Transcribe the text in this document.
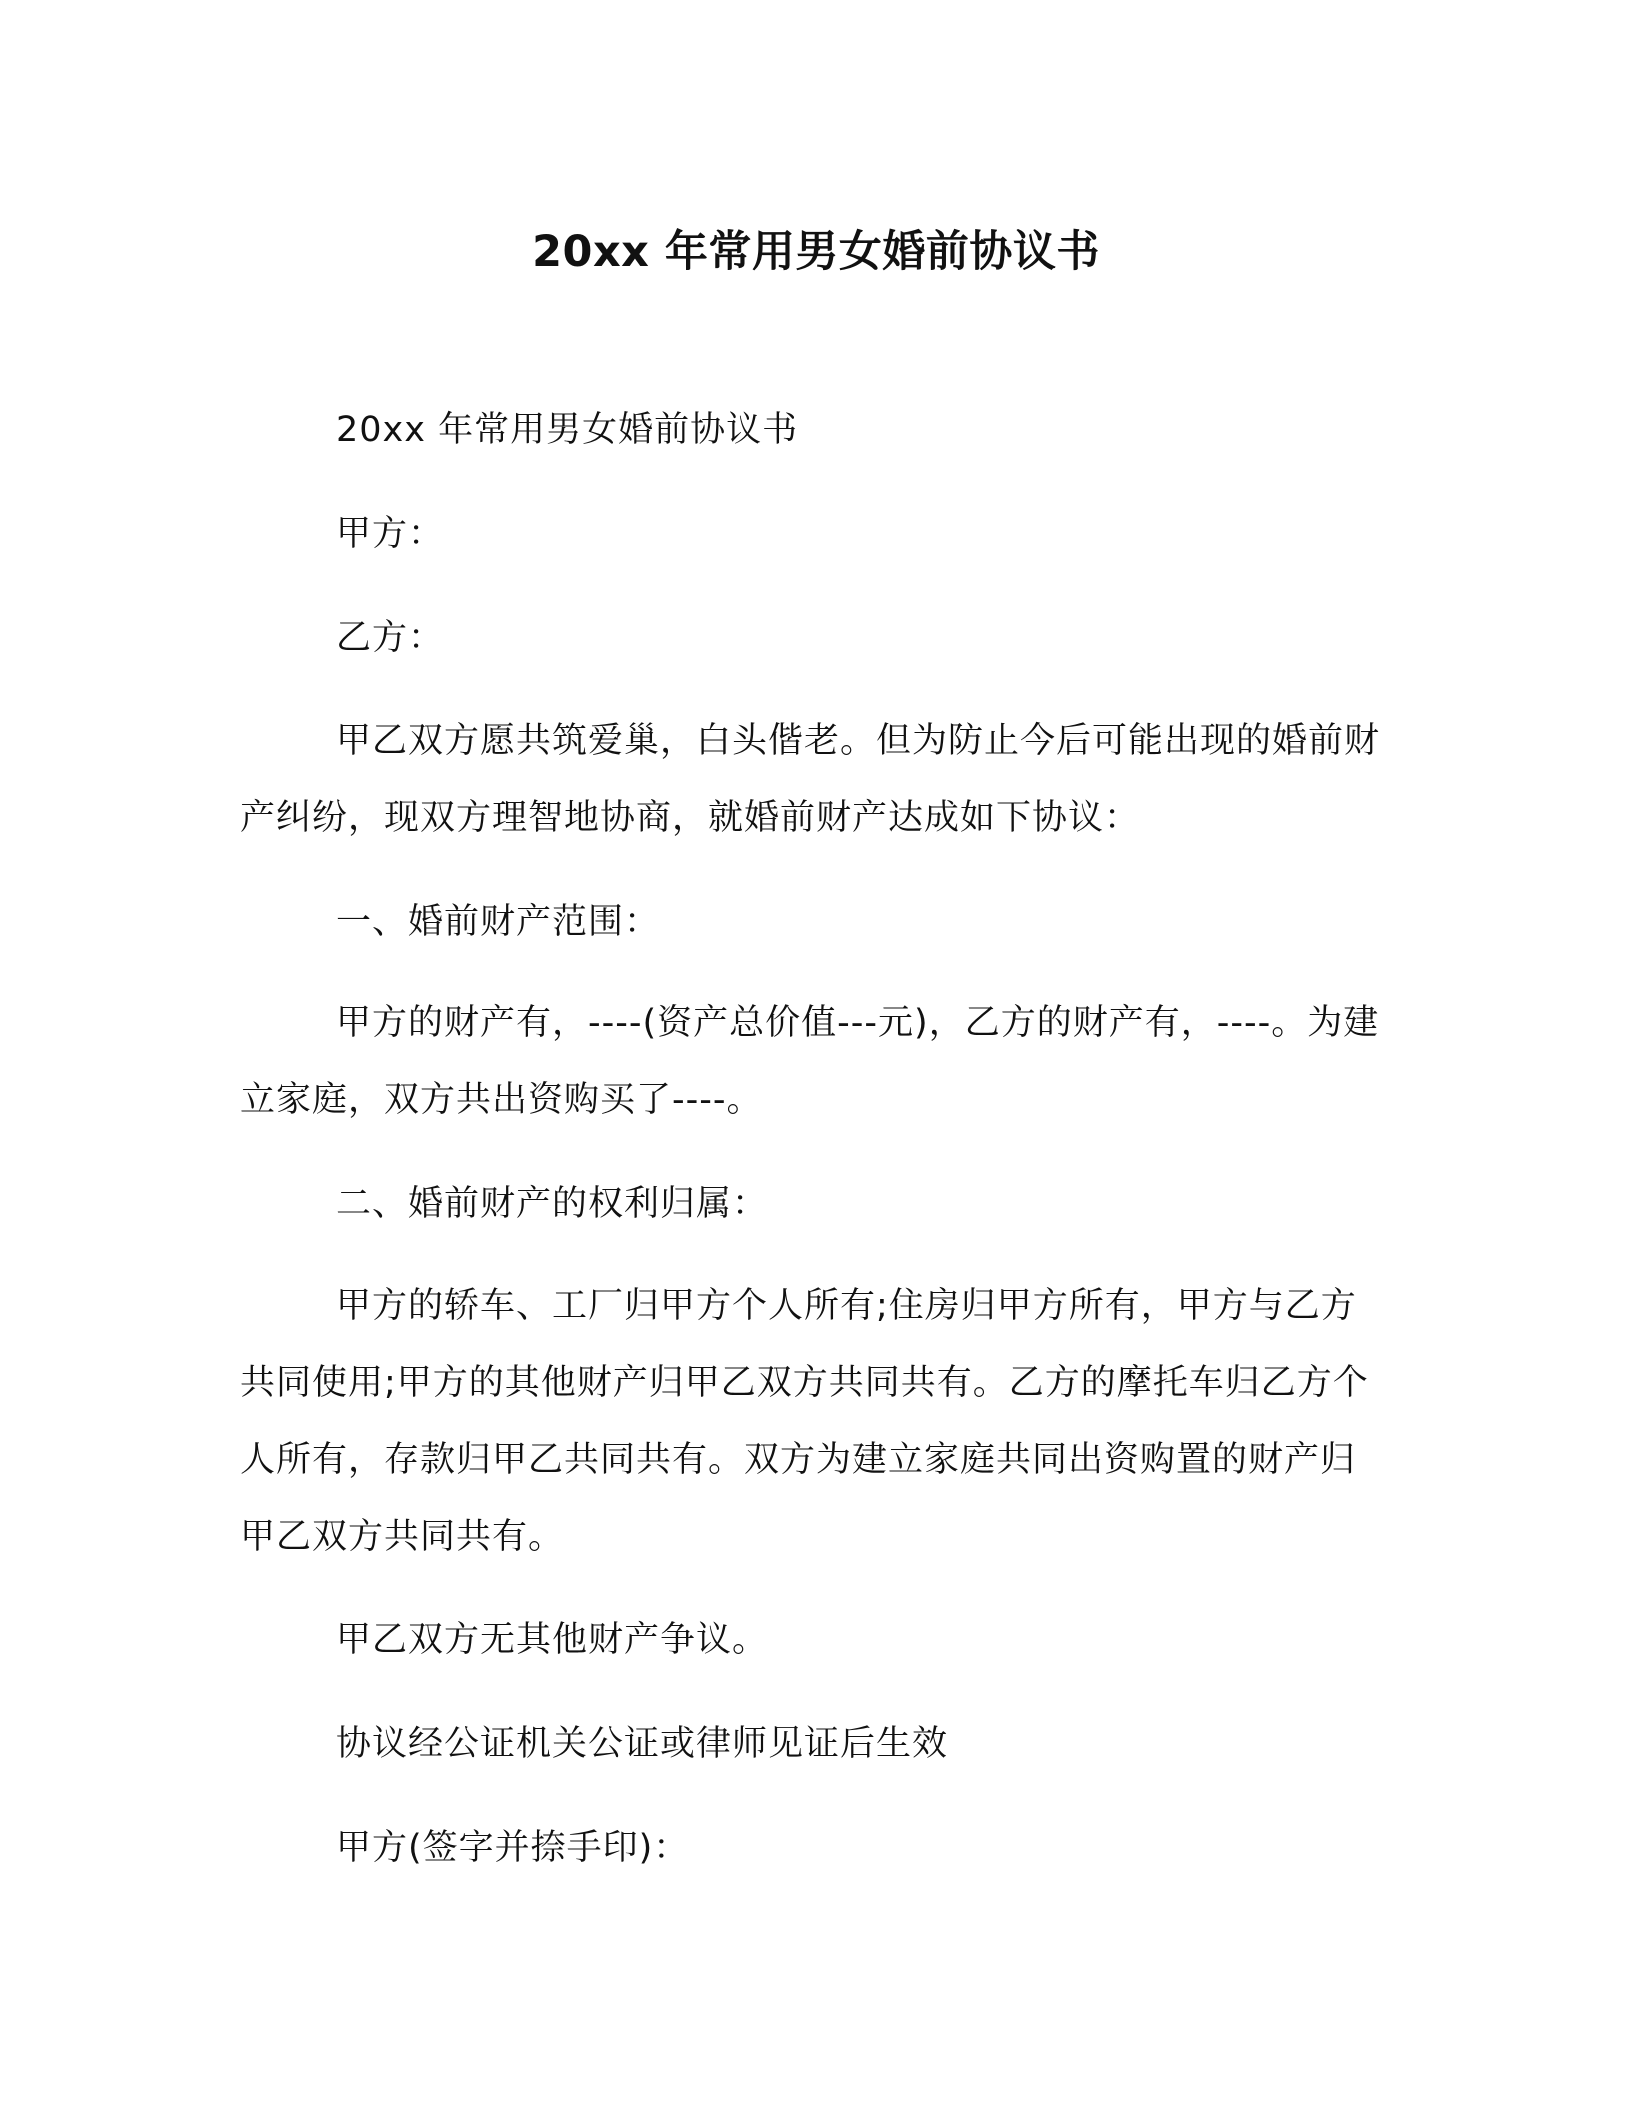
20xx 年常用男女婚前协议书

20xx 年常用男女婚前协议书

甲方：

乙方：

甲乙双方愿共筑爱巢，白头偕老。但为防止今后可能出现的婚前财产纠纷，现双方理智地协商，就婚前财产达成如下协议：

一、婚前财产范围：

甲方的财产有，----(资产总价值---元)，乙方的财产有，----。为建立家庭，双方共出资购买了----。

二、婚前财产的权利归属：

甲方的轿车、工厂归甲方个人所有;住房归甲方所有，甲方与乙方共同使用;甲方的其他财产归甲乙双方共同共有。乙方的摩托车归乙方个人所有，存款归甲乙共同共有。双方为建立家庭共同出资购置的财产归甲乙双方共同共有。

甲乙双方无其他财产争议。

协议经公证机关公证或律师见证后生效

甲方(签字并捺手印)：
